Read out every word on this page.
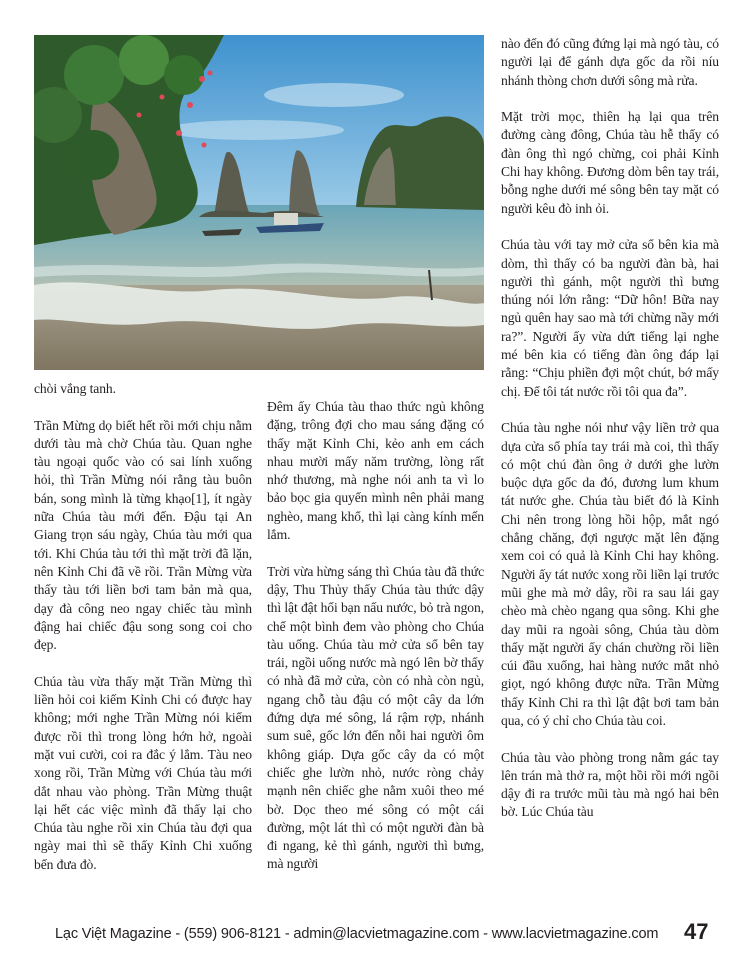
chòi vắng tanh.

Trần Mừng dọ biết hết rồi mới chịu nằm dưới tàu mà chờ Chúa tàu. Quan nghe tàu ngoại quốc vào có sai lính xuống hỏi, thì Trần Mừng nói rằng tàu buôn bán, song mình là từng khạo[1], ít ngày nữa Chúa tàu mới đến. Đậu tại An Giang trọn sáu ngày, Chúa tàu mới qua tới. Khi Chúa tàu tới thì mặt trời đã lặn, nên Kỉnh Chi đã về rồi. Trần Mừng vừa thấy tàu tới liền bơi tam bản mà qua, dạy đà công neo ngay chiếc tàu mình đậng hai chiếc đậu song song coi cho đẹp.

Chúa tàu vừa thấy mặt Trần Mừng thì liền hỏi coi kiếm Kỉnh Chi có được hay không; mới nghe Trần Mừng nói kiếm được rồi thì trong lòng hớn hở, ngoài mặt vui cười, coi ra đắc ý lắm. Tàu neo xong rồi, Trần Mừng với Chúa tàu mới dắt nhau vào phòng. Trần Mừng thuật lại hết các việc mình đã thấy lại cho Chúa tàu nghe rồi xin Chúa tàu đợi qua ngày mai thì sẽ thấy Kỉnh Chi xuống bến đưa đò.

Đêm ấy Chúa tàu thao thức ngủ không đặng, trông đợi cho mau sáng đặng có thấy mặt Kỉnh Chi, kẻo anh em cách nhau mười mấy năm trường, lòng rất nhớ thương, mà nghe nói anh ta vì lo bảo bọc gia quyến mình nên phải mang nghèo, mang khổ, thì lại càng kính mến lắm.

Trời vừa hừng sáng thì Chúa tàu đã thức dậy, Thu Thủy thấy Chúa tàu thức dậy thì lật đật hối bạn nấu nước, bỏ trà ngon, chế một bình đem vào phòng cho Chúa tàu uống. Chúa tàu mở cửa sổ bên tay trái, ngồi uống nước mà ngó lên bờ thấy có nhà đã mở cửa, còn có nhà còn ngủ, ngang chỗ tàu đậu có một cây da lớn đứng dựa mé sông, lá rậm rợp, nhánh sum suê, gốc lớn đến nỗi hai người ôm không giáp. Dựa gốc cây da có một chiếc ghe lườn nhỏ, nước ròng chảy mạnh nên chiếc ghe nằm xuôi theo mé bờ. Dọc theo mé sông có một cái đường, một lát thì có một người đàn bà đi ngang, kẻ thì gánh, người thì bưng, mà người

nào đến đó cũng đứng lại mà ngó tàu, có người lại để gánh dựa gốc da rồi níu nhánh thòng chơn dưới sông mà rửa.

Mặt trời mọc, thiên hạ lại qua trên đường càng đông, Chúa tàu hễ thấy có đàn ông thì ngó chừng, coi phải Kỉnh Chi hay không. Đương dòm bên tay trái, bỗng nghe dưới mé sông bên tay mặt có người kêu đò inh ỏi.

Chúa tàu với tay mở cửa sổ bên kia mà dòm, thì thấy có ba người đàn bà, hai người thì gánh, một người thì bưng thúng nói lớn rằng: “Dữ hôn! Bữa nay ngủ quên hay sao mà tới chừng nầy mới ra?”. Người ấy vừa dứt tiếng lại nghe mé bên kia có tiếng đàn ông đáp lại rằng: “Chịu phiền đợi một chút, bớ mấy chị. Để tôi tát nước rồi tôi qua đa”.

Chúa tàu nghe nói như vậy liền trở qua dựa cửa sổ phía tay trái mà coi, thì thấy có một chú đàn ông ở dưới ghe lườn buộc dựa gốc da đó, đương lum khum tát nước ghe. Chúa tàu biết đó là Kỉnh Chi nên trong lòng hồi hộp, mắt ngó chẳng chăng, đợi ngược mặt lên đặng xem coi có quả là Kỉnh Chi hay không. Người ấy tát nước xong rồi liền lại trước mũi ghe mà mở dây, rồi ra sau lái gay chèo mà chèo ngang qua sông. Khi ghe day mũi ra ngoài sông, Chúa tàu dòm thấy mặt người ấy chán chường rồi liền cúi đầu xuống, hai hàng nước mắt nhỏ giọt, ngó không được nữa. Trần Mừng thấy Kỉnh Chi ra thì lật đật bơi tam bản qua, có ý chỉ cho Chúa tàu coi.

Chúa tàu vào phòng trong nằm gác tay lên trán mà thở ra, một hồi rồi mới ngồi dậy đi ra trước mũi tàu mà ngó hai bên bờ. Lúc Chúa tàu

Lạc Việt Magazine - (559) 906-8121 - admin@lacvietmagazine.com - www.lacvietmagazine.com 47
